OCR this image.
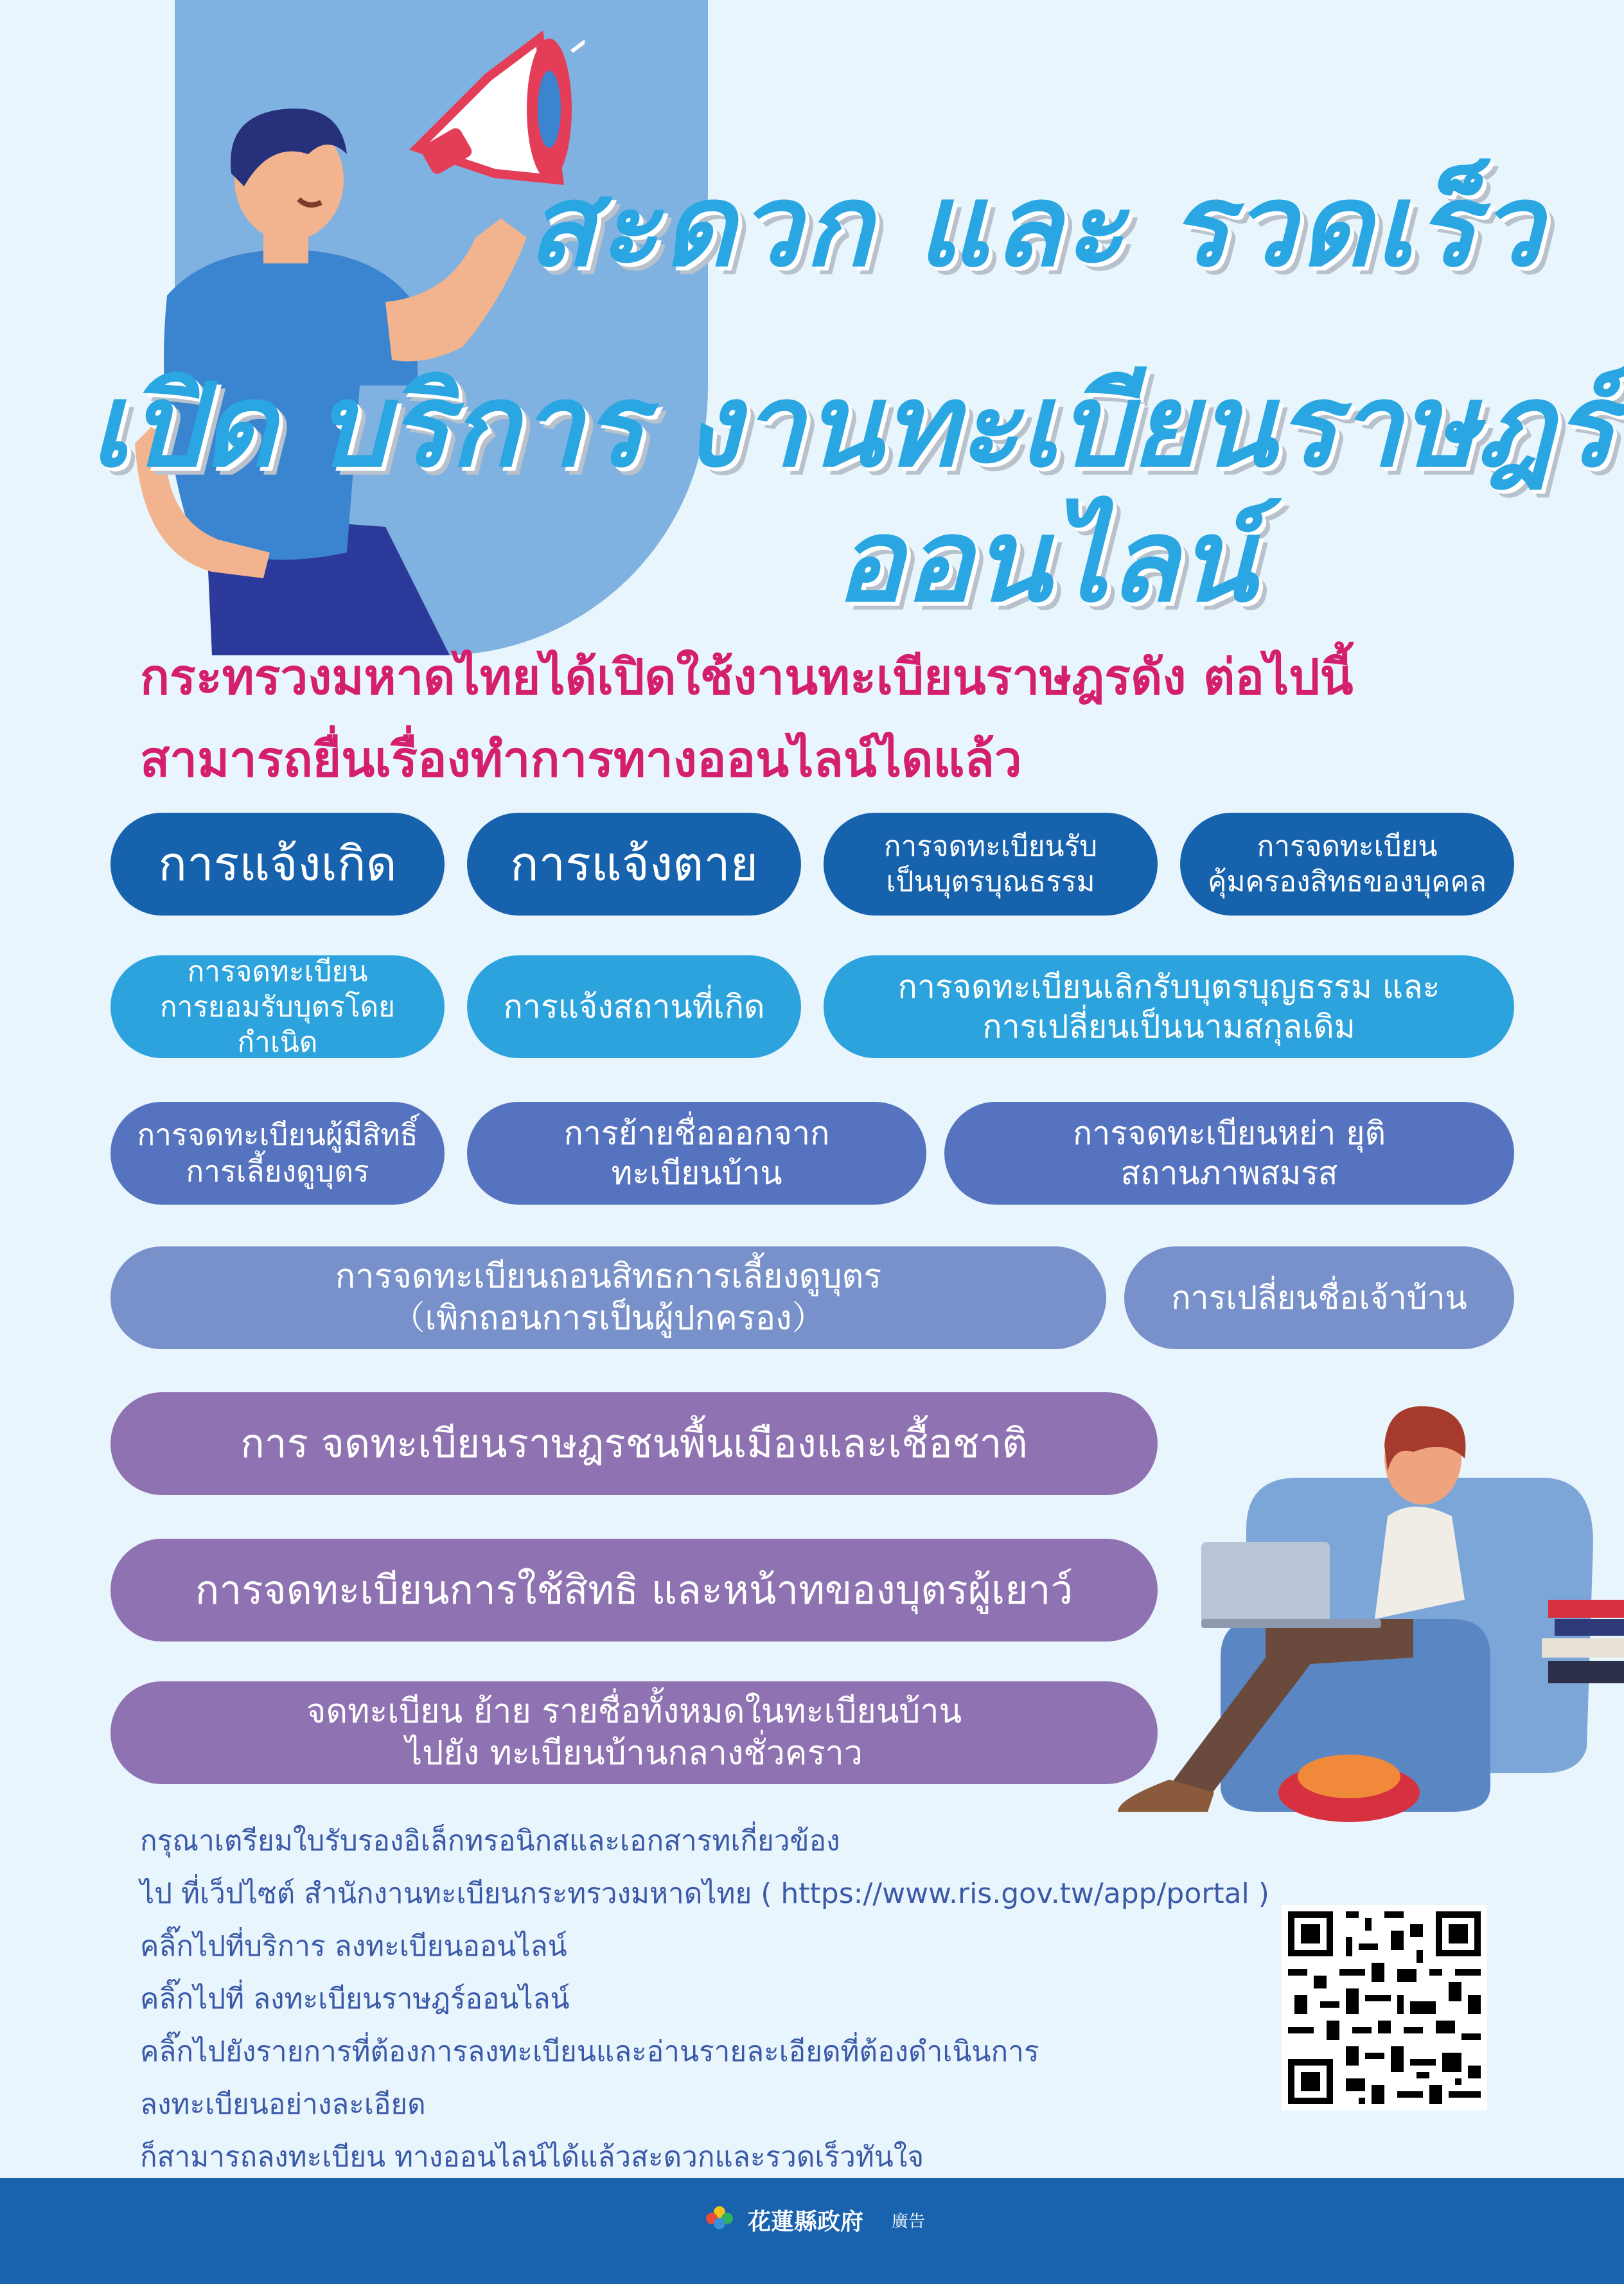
สะดวก และ รวดเร็ว
เปิด บริการ งานทะเบียนราษฎร์
ออนไลน์
กระทรวงมหาดไทยได้เปิดใช้งานทะเบียนราษฎรดัง ต่อไปนี้
สามารถยื่นเรื่องทำการทางออนไลน์ไดแล้ว
การแจ้งเกิด การแจ้งตาย	การจดทะเบียนรับ
เป็นบุตรบุณธรรม
การจดทะเบียน
คุ้มครองสิทธของบุคคล
การจดทะเบียน
การยอมรับบุตรโดยกำเนิด
การแจ้งสถานที่เกิด
การจดทะเบียนเลิกรับบุตรบุญธรรม และ
การเปลี่ยนเป็นนามสกุลเดิม
การจดทะเบียนผู้มีสิทธิ์
การเลี้ยงดูบุตร
การย้ายชื่อออกจาก
ทะเบียนบ้าน
การจดทะเบียนหย่า ยุติ
สถานภาพสมรส
การจดทะเบียนถอนสิทธการเลี้ยงดูบุตร
（เพิกถอนการเป็นผู้ปกครอง）
การเปลี่ยนชื่อเจ้าบ้าน
การ จดทะเบียนราษฎรชนพื้นเมืองและเชื้อชาติ
การจดทะเบียนการใช้สิทธิ และหน้าทของบุตรผู้เยาว์
จดทะเบียน ย้าย รายชื่อทั้งหมดในทะเบียนบ้าน
ไปยัง ทะเบียนบ้านกลางชั่วคราว
กรุณาเตรียมใบรับรองอิเล็กทรอนิกสและเอกสารทเกี่ยวข้อง
ไป ที่เว็ปไซต์ สำนักงานทะเบียนกระทรวงมหาดไทย ( https://www.ris.gov.tw/app/portal )
คลิ๊กไปที่บริการ ลงทะเบียนออนไลน์
คลิ๊กไปที่ ลงทะเบียนราษฎร์ออนไลน์
คลิ๊กไปยังรายการที่ต้องการลงทะเบียนและอ่านรายละเอียดที่ต้องดำเนินการ
ลงทะเบียนอย่างละเอียด
ก็สามารถลงทะเบียน ทางออนไลน์ได้แล้วสะดวกและรวดเร็วทันใจ
花蓮縣政府 廣告
